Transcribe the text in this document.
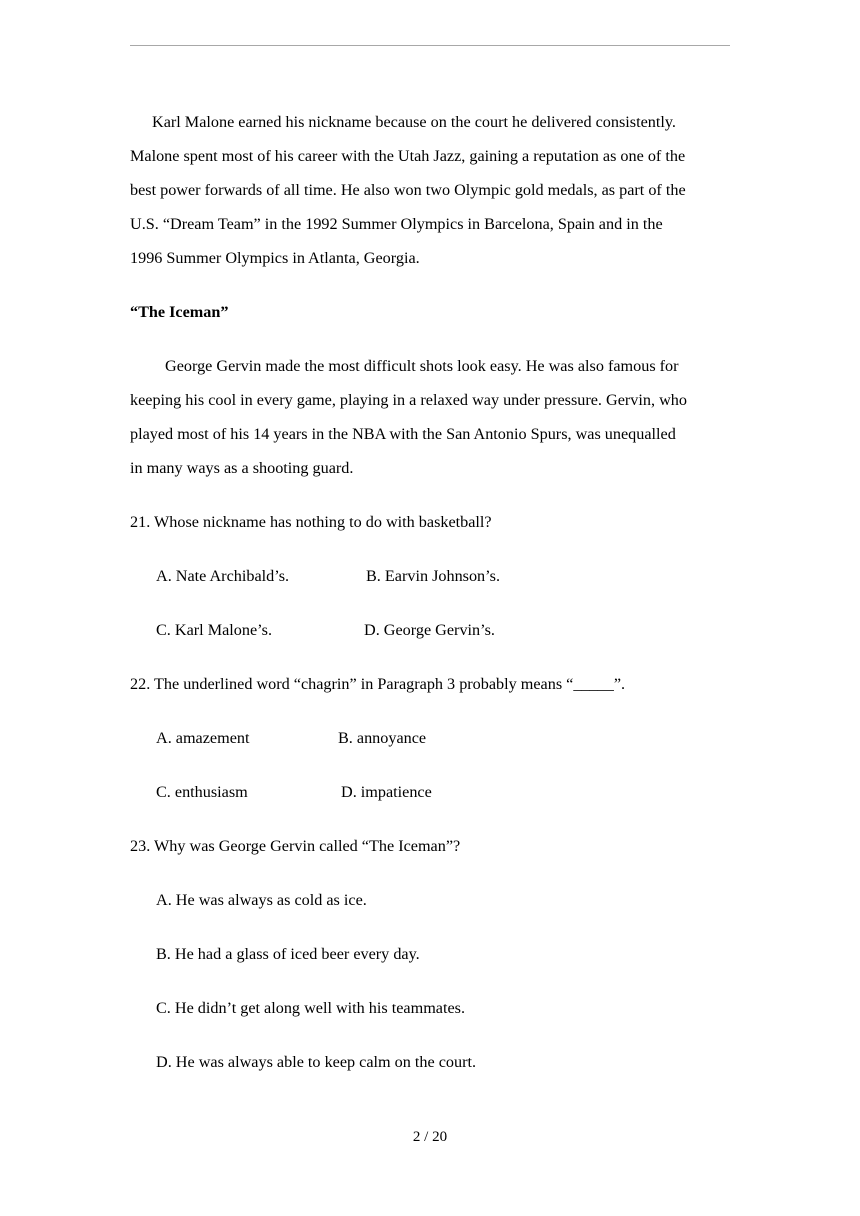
Karl Malone earned his nickname because on the court he delivered consistently.
Malone spent most of his career with the Utah Jazz, gaining a reputation as one of the
best power forwards of all time. He also won two Olympic gold medals, as part of the
U.S. “Dream Team” in the 1992 Summer Olympics in Barcelona, Spain and in the
1996 Summer Olympics in Atlanta, Georgia.
“The Iceman”
George Gervin made the most difficult shots look easy. He was also famous for
keeping his cool in every game, playing in a relaxed way under pressure. Gervin, who
played most of his 14 years in the NBA with the San Antonio Spurs, was unequalled
in many ways as a shooting guard.
21. Whose nickname has nothing to do with basketball?
A. Nate Archibald’s.	B. Earvin Johnson’s.
C. Karl Malone’s.	D. George Gervin’s.
22. The underlined word “chagrin” in Paragraph 3 probably means “_____”.
A. amazement	B. annoyance
C. enthusiasm	D. impatience
23. Why was George Gervin called “The Iceman”?
A. He was always as cold as ice.
B. He had a glass of iced beer every day.
C. He didn’t get along well with his teammates.
D. He was always able to keep calm on the court.
2 / 20
